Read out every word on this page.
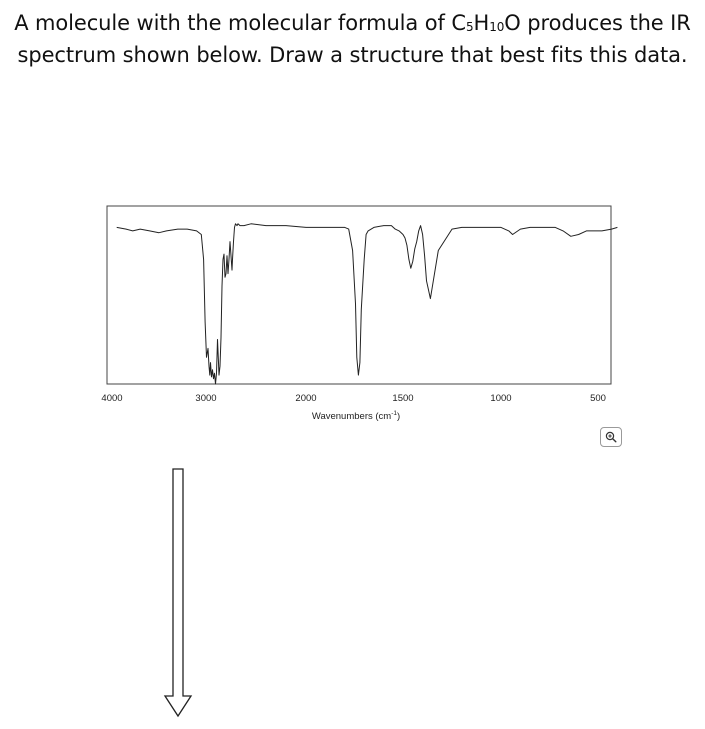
A molecule with the molecular formula of $C_5H_{10}O$ produces the IR spectrum shown below. Draw a structure that best fits this data.
4000	3000	2000	1500	1000	500
Wavenumbers $(cm^{-1})$
